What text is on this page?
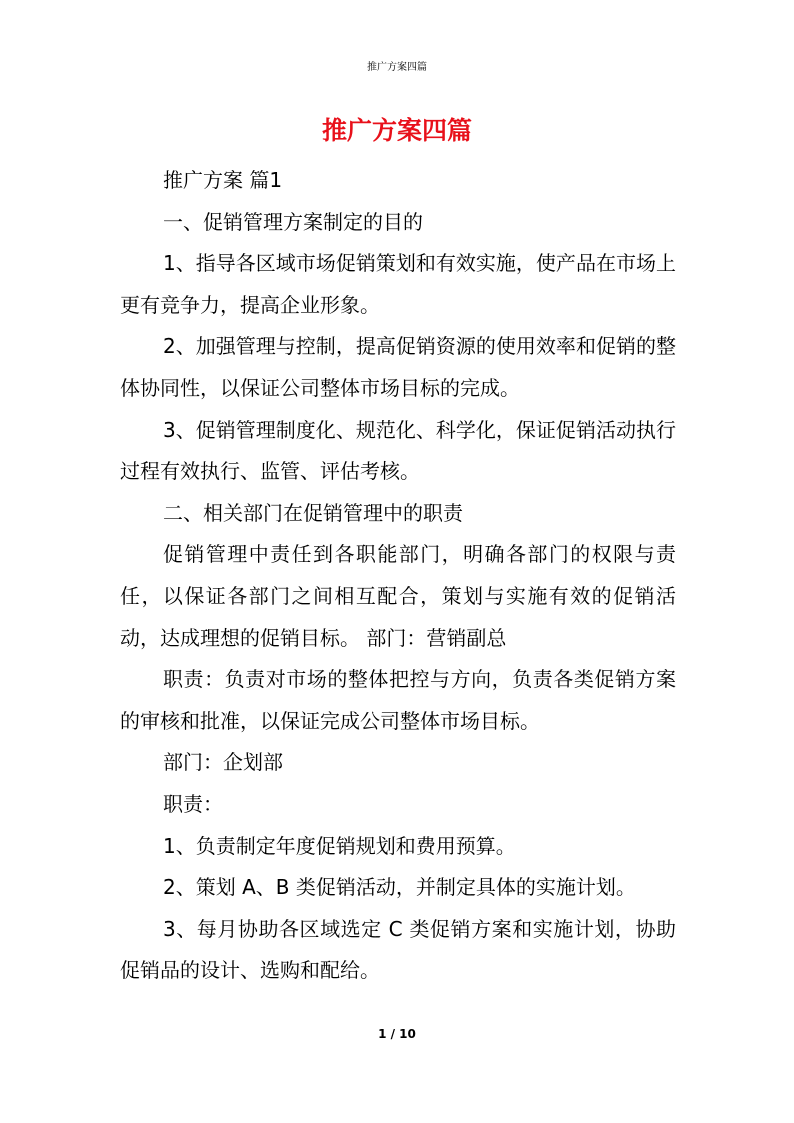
推广方案四篇
推广方案四篇

推广方案 篇1

一、促销管理方案制定的目的

1、指导各区域市场促销策划和有效实施，使产品在市场上更有竞争力，提高企业形象。

2、加强管理与控制，提高促销资源的使用效率和促销的整体协同性，以保证公司整体市场目标的完成。

3、促销管理制度化、规范化、科学化，保证促销活动执行过程有效执行、监管、评估考核。

二、相关部门在促销管理中的职责

促销管理中责任到各职能部门，明确各部门的权限与责任，以保证各部门之间相互配合，策划与实施有效的促销活动，达成理想的促销目标。 部门：营销副总

职责：负责对市场的整体把控与方向，负责各类促销方案的审核和批准，以保证完成公司整体市场目标。

部门：企划部

职责：

1、负责制定年度促销规划和费用预算。

2、策划 A、B 类促销活动，并制定具体的实施计划。

3、每月协助各区域选定 C 类促销方案和实施计划，协助促销品的设计、选购和配给。

1 / 10
